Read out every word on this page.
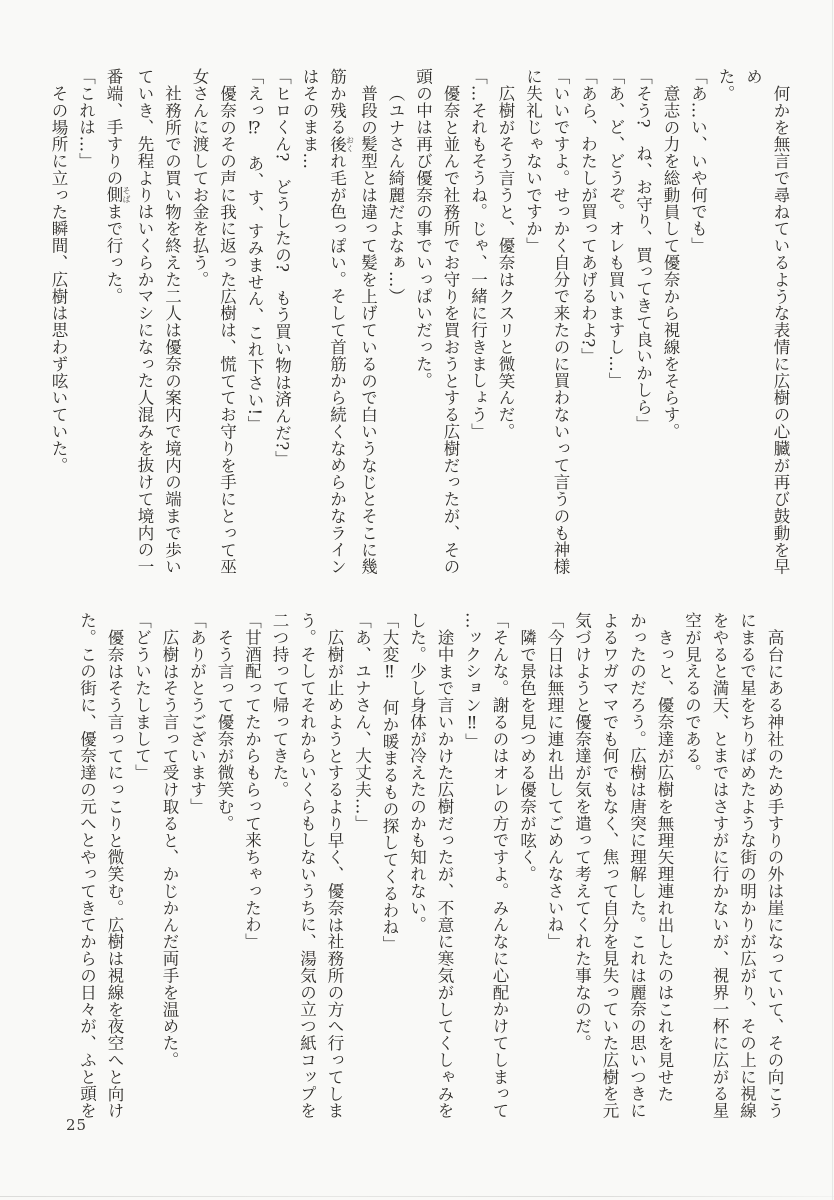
何かを無言で尋ねているような表情に広樹の心臓が再び鼓動を早め
た。
「あ…い、いや何でも」
意志の力を総動員して優奈から視線をそらす。
「そう?　ね、お守り、買ってきて良いかしら」
「あ、ど、どうぞ。オレも買いますし…」
「あら、わたしが買ってあげるわよ?」
「いいですよ。せっかく自分で来たのに買わないって言うのも神様
に失礼じゃないですか」
広樹がそう言うと、優奈はクスリと微笑んだ。
「…それもそうね。じゃ、一緒に行きましょう」
優奈と並んで社務所でお守りを買おうとする広樹だったが、その
頭の中は再び優奈の事でいっぱいだった。
（ユナさん綺麗だよなぁ…）
普段の髪型とは違って髪を上げているので白いうなじとそこに幾
筋か残る後 おくれ毛が色っぽい。そして首筋から続くなめらかなライン
はそのまま…
「ヒロくん?　どうしたの?　もう買い物は済んだ?」
「えっ⁉　あ、す、すみません、これ下さい!」
優奈のその声に我に返った広樹は、慌ててお守りを手にとって巫
女さんに渡してお金を払う。
社務所での買い物を終えた二人は優奈の案内で境内の端まで歩い
ていき、先程よりはいくらかマシになった人混みを抜けて境内の一
番端、手すりの側 そばまで行った。
「これは…」
その場所に立った瞬間、広樹は思わず呟いていた。
高台にある神社のため手すりの外は崖になっていて、その向こう
にまるで星をちりばめたような街の明かりが広がり、その上に視線
をやると満天、とまではさすがに行かないが、視界一杯に広がる星
空が見えるのである。
きっと、優奈達が広樹を無理矢理連れ出したのはこれを見せた
かったのだろう。広樹は唐突に理解した。これは麗奈の思いつきに
よるワガママでも何でもなく、焦って自分を見失っていた広樹を元
気づけようと優奈達が気を遣って考えてくれた事なのだ。
「今日は無理に連れ出してごめんなさいね」
隣で景色を見つめる優奈が呟く。
「そんな。謝るのはオレの方ですよ。みんなに心配かけてしまって
…ックション‼」
途中まで言いかけた広樹だったが、不意に寒気がしてくしゃみを
した。少し身体が冷えたのかも知れない。
「大変‼　何か暖まるもの探してくるわね」
「あ、ユナさん、大丈夫…」
広樹が止めようとするより早く、優奈は社務所の方へ行ってしま
う。そしてそれからいくらもしないうちに、湯気の立つ紙コップを
二つ持って帰ってきた。
「甘酒配ってたからもらって来ちゃったわ」
そう言って優奈が微笑む。
「ありがとうございます」
広樹はそう言って受け取ると、かじかんだ両手を温めた。
「どういたしまして」
優奈はそう言ってにっこりと微笑む。広樹は視線を夜空へと向け
た。この街に、優奈達の元へとやってきてからの日々が、ふと頭を
25
